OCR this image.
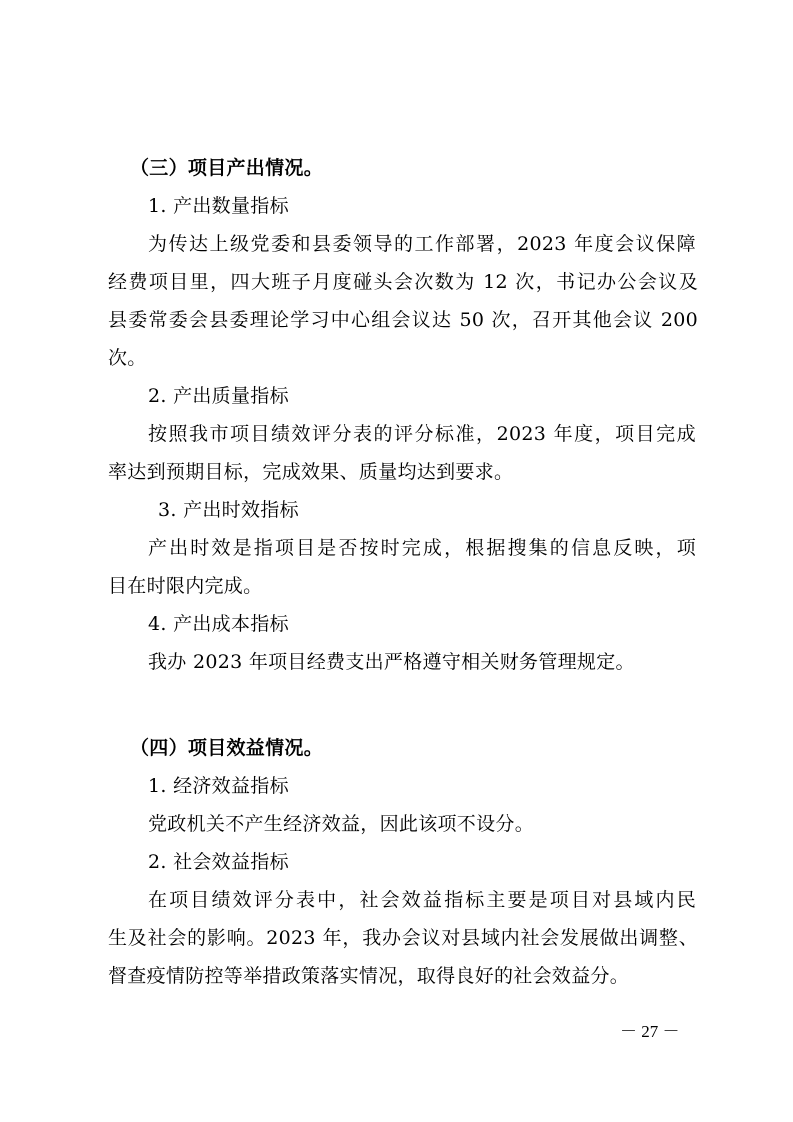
（三）项目产出情况。
1. 产出数量指标
为传达上级党委和县委领导的工作部署，2023 年度会议保障
经费项目里，四大班子月度碰头会次数为 12 次，书记办公会议及
县委常委会县委理论学习中心组会议达 50 次，召开其他会议 200
次。
2. 产出质量指标
按照我市项目绩效评分表的评分标准，2023 年度，项目完成
率达到预期目标，完成效果、质量均达到要求。
3. 产出时效指标
产出时效是指项目是否按时完成，根据搜集的信息反映，项
目在时限内完成。
4. 产出成本指标
我办 2023 年项目经费支出严格遵守相关财务管理规定。
（四）项目效益情况。
1. 经济效益指标
党政机关不产生经济效益，因此该项不设分。
2. 社会效益指标
在项目绩效评分表中，社会效益指标主要是项目对县域内民
生及社会的影响。2023 年，我办会议对县域内社会发展做出调整、
督查疫情防控等举措政策落实情况，取得良好的社会效益分。
－ 27 －
